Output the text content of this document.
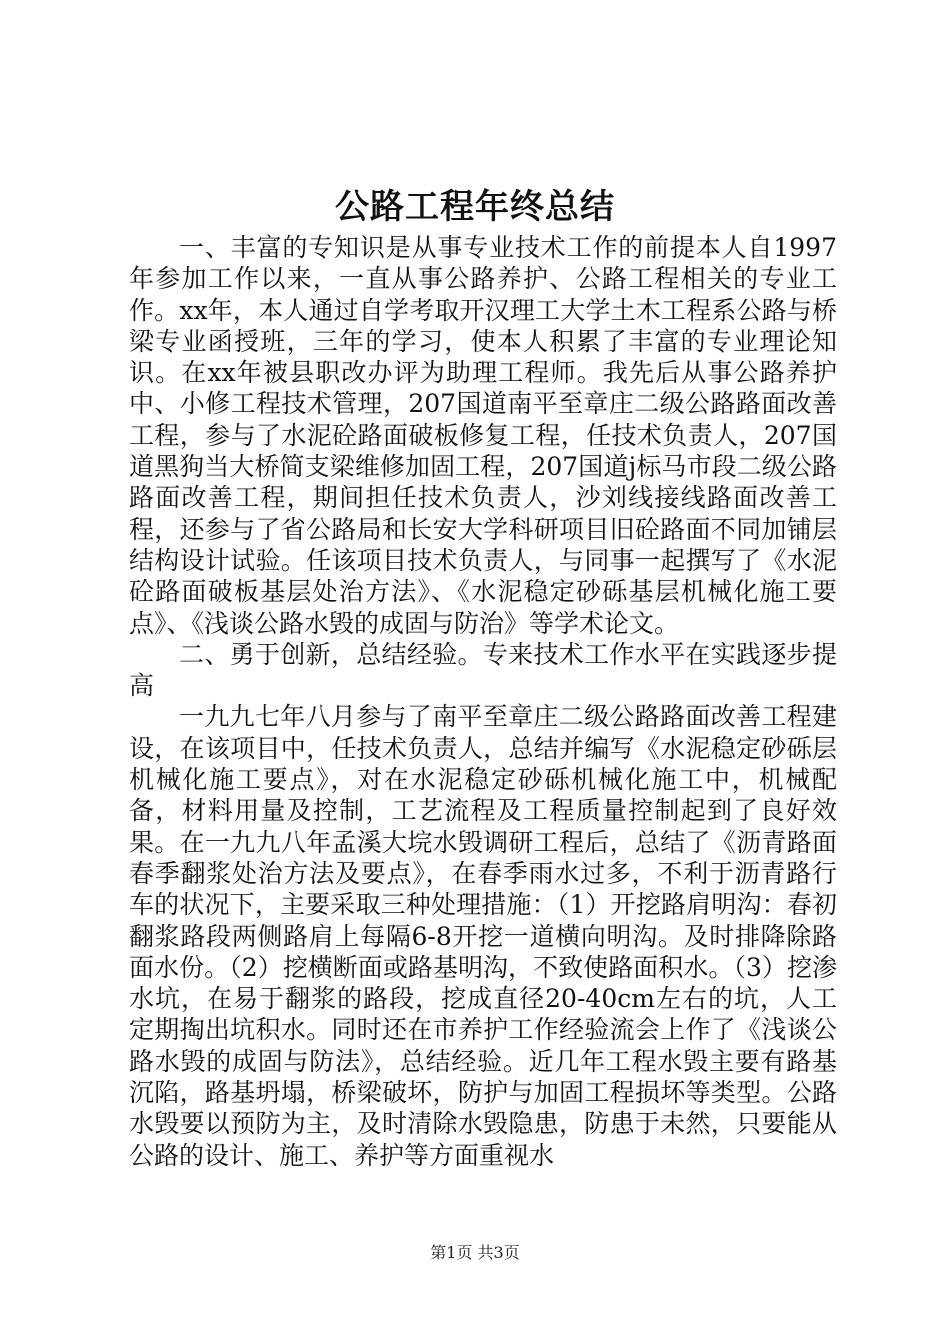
公路工程年终总结

一、丰富的专知识是从事专业技术工作的前提本人自1997年参加工作以来，一直从事公路养护、公路工程相关的专业工作。xx年，本人通过自学考取开汉理工大学土木工程系公路与桥梁专业函授班，三年的学习，使本人积累了丰富的专业理论知识。在xx年被县职改办评为助理工程师。我先后从事公路养护中、小修工程技术管理，207国道南平至章庄二级公路路面改善工程，参与了水泥砼路面破板修复工程，任技术负责人，207国道黑狗当大桥简支梁维修加固工程，207国道j标马市段二级公路路面改善工程，期间担任技术负责人，沙刘线接线路面改善工程，还参与了省公路局和长安大学科研项目旧砼路面不同加铺层结构设计试验。任该项目技术负责人，与同事一起撰写了《水泥砼路面破板基层处治方法》、《水泥稳定砂砾基层机械化施工要点》、《浅谈公路水毁的成固与防治》等学术论文。

二、勇于创新，总结经验。专来技术工作水平在实践逐步提高

一九九七年八月参与了南平至章庄二级公路路面改善工程建设，在该项目中，任技术负责人，总结并编写《水泥稳定砂砾层机械化施工要点》，对在水泥稳定砂砾机械化施工中，机械配备，材料用量及控制，工艺流程及工程质量控制起到了良好效果。在一九九八年孟溪大垸水毁调研工程后，总结了《沥青路面春季翻浆处治方法及要点》，在春季雨水过多，不利于沥青路行车的状况下，主要采取三种处理措施：（1）开挖路肩明沟：春初翻浆路段两侧路肩上每隔6-8开挖一道横向明沟。及时排降除路面水份。（2）挖横断面或路基明沟，不致使路面积水。（3）挖渗水坑，在易于翻浆的路段，挖成直径20-40cm左右的坑，人工定期掏出坑积水。同时还在市养护工作经验流会上作了《浅谈公路水毁的成固与防法》，总结经验。近几年工程水毁主要有路基沉陷，路基坍塌，桥梁破坏，防护与加固工程损坏等类型。公路水毁要以预防为主，及时清除水毁隐患，防患于未然，只要能从公路的设计、施工、养护等方面重视水

第1页 共3页
